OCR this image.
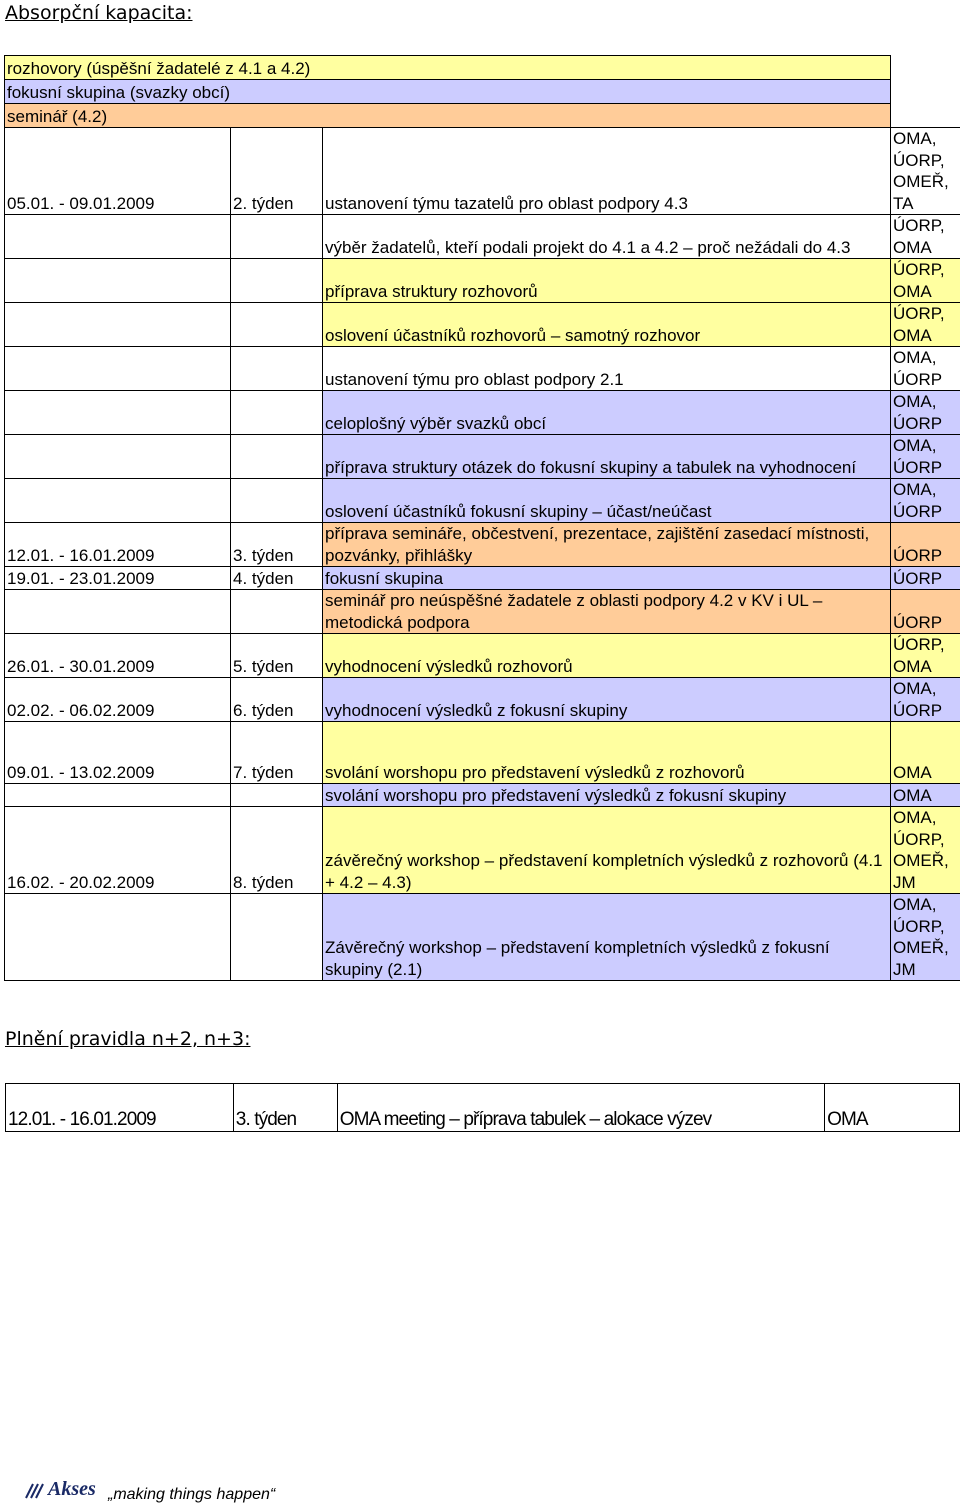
Absorpční kapacita:
rozhovory (úspěšní žadatelé z 4.1 a 4.2)			
fokusní skupina (svazky obcí)			
seminář (4.2)			
05.01. - 09.01.2009	2. týden	ustanovení týmu tazatelů pro oblast podpory 4.3	OMA, ÚORP, OMEŘ, TA
		výběr žadatelů, kteří podali projekt do 4.1 a 4.2 – proč nežádali do 4.3	ÚORP, OMA
		příprava struktury rozhovorů	ÚORP, OMA
		oslovení účastníků rozhovorů – samotný rozhovor	ÚORP, OMA
		ustanovení týmu pro oblast podpory 2.1	OMA, ÚORP
		celoplošný výběr svazků obcí	OMA, ÚORP
		příprava struktury otázek do fokusní skupiny a tabulek na vyhodnocení	OMA, ÚORP
		oslovení účastníků fokusní skupiny – účast/neúčast	OMA, ÚORP
12.01. - 16.01.2009	3. týden	příprava semináře, občestvení, prezentace, zajištění zasedací místnosti, pozvánky, přihlášky	ÚORP
19.01. - 23.01.2009	4. týden	fokusní skupina	ÚORP
		seminář pro neúspěšné žadatele z oblasti podpory 4.2 v KV i UL – metodická podpora	ÚORP
26.01. - 30.01.2009	5. týden	vyhodnocení výsledků rozhovorů	ÚORP, OMA
02.02. - 06.02.2009	6. týden	vyhodnocení výsledků z fokusní skupiny	OMA, ÚORP
09.01. - 13.02.2009	7. týden	svolání worshopu pro představení výsledků z rozhovorů	OMA
		svolání worshopu pro představení výsledků z fokusní skupiny	OMA
16.02. - 20.02.2009	8. týden	závěrečný workshop – představení kompletních výsledků z rozhovorů (4.1 + 4.2 – 4.3)	OMA, ÚORP, OMEŘ, JM
		Závěrečný workshop – představení kompletních výsledků z fokusní skupiny (2.1)	OMA, ÚORP, OMEŘ, JM
Plnění pravidla n+2, n+3:
12.01. - 16.01.2009	3. týden	OMA meeting – příprava tabulek – alokace výzev	OMA
Akses „making things happen“
